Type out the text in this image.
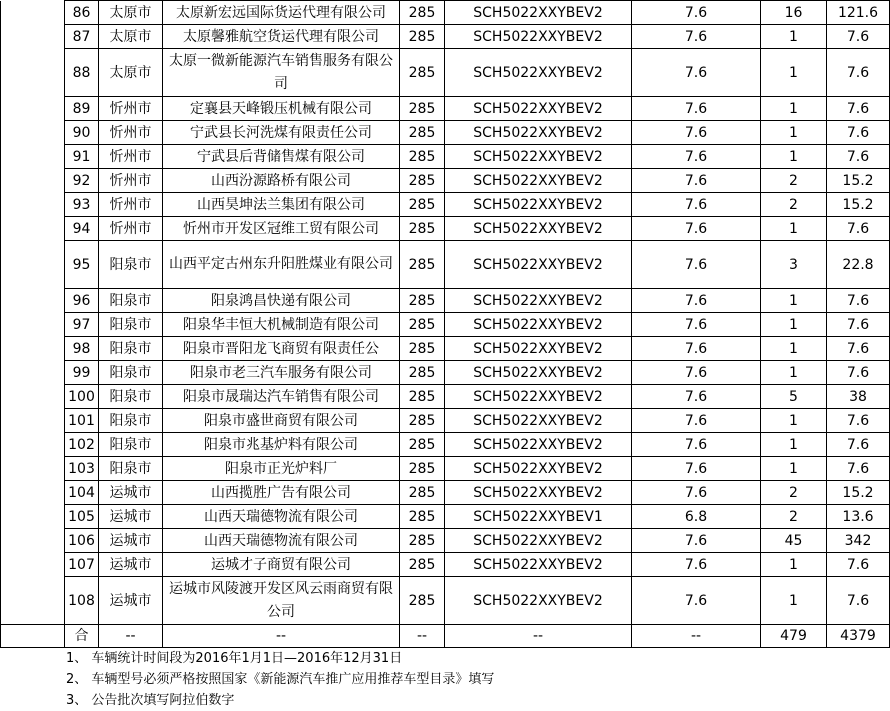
	86	太原市	太原新宏远国际货运代理有限公司	285	SCH5022XXYBEV2	7.6	16	121.6
	87	太原市	太原馨雅航空货运代理有限公司	285	SCH5022XXYBEV2	7.6	1	7.6
	88	太原市	太原一微新能源汽车销售服务有限公司	285	SCH5022XXYBEV2	7.6	1	7.6
	89	忻州市	定襄县天峰锻压机械有限公司	285	SCH5022XXYBEV2	7.6	1	7.6
	90	忻州市	宁武县长河洗煤有限责任公司	285	SCH5022XXYBEV2	7.6	1	7.6
	91	忻州市	宁武县后背储售煤有限公司	285	SCH5022XXYBEV2	7.6	1	7.6
	92	忻州市	山西汾源路桥有限公司	285	SCH5022XXYBEV2	7.6	2	15.2
	93	忻州市	山西昊坤法兰集团有限公司	285	SCH5022XXYBEV2	7.6	2	15.2
	94	忻州市	忻州市开发区冠维工贸有限公司	285	SCH5022XXYBEV2	7.6	1	7.6
	95	阳泉市	山西平定古州东升阳胜煤业有限公司	285	SCH5022XXYBEV2	7.6	3	22.8
	96	阳泉市	阳泉鸿昌快递有限公司	285	SCH5022XXYBEV2	7.6	1	7.6
	97	阳泉市	阳泉华丰恒大机械制造有限公司	285	SCH5022XXYBEV2	7.6	1	7.6
	98	阳泉市	阳泉市晋阳龙飞商贸有限责任公	285	SCH5022XXYBEV2	7.6	1	7.6
	99	阳泉市	阳泉市老三汽车服务有限公司	285	SCH5022XXYBEV2	7.6	1	7.6
	100	阳泉市	阳泉市晟瑞达汽车销售有限公司	285	SCH5022XXYBEV2	7.6	5	38
	101	阳泉市	阳泉市盛世商贸有限公司	285	SCH5022XXYBEV2	7.6	1	7.6
	102	阳泉市	阳泉市兆基炉料有限公司	285	SCH5022XXYBEV2	7.6	1	7.6
	103	阳泉市	阳泉市正光炉料厂	285	SCH5022XXYBEV2	7.6	1	7.6
	104	运城市	山西揽胜广告有限公司	285	SCH5022XXYBEV2	7.6	2	15.2
	105	运城市	山西天瑞德物流有限公司	285	SCH5022XXYBEV1	6.8	2	13.6
	106	运城市	山西天瑞德物流有限公司	285	SCH5022XXYBEV2	7.6	45	342
	107	运城市	运城才子商贸有限公司	285	SCH5022XXYBEV2	7.6	1	7.6
	108	运城市	运城市风陵渡开发区风云雨商贸有限公司	285	SCH5022XXYBEV2	7.6	1	7.6
	合	--	--	--	--	--	479	4379
1、 车辆统计时间段为2016年1月1日—2016年12月31日
2、 车辆型号必须严格按照国家《新能源汽车推广应用推荐车型目录》填写
3、 公告批次填写阿拉伯数字
